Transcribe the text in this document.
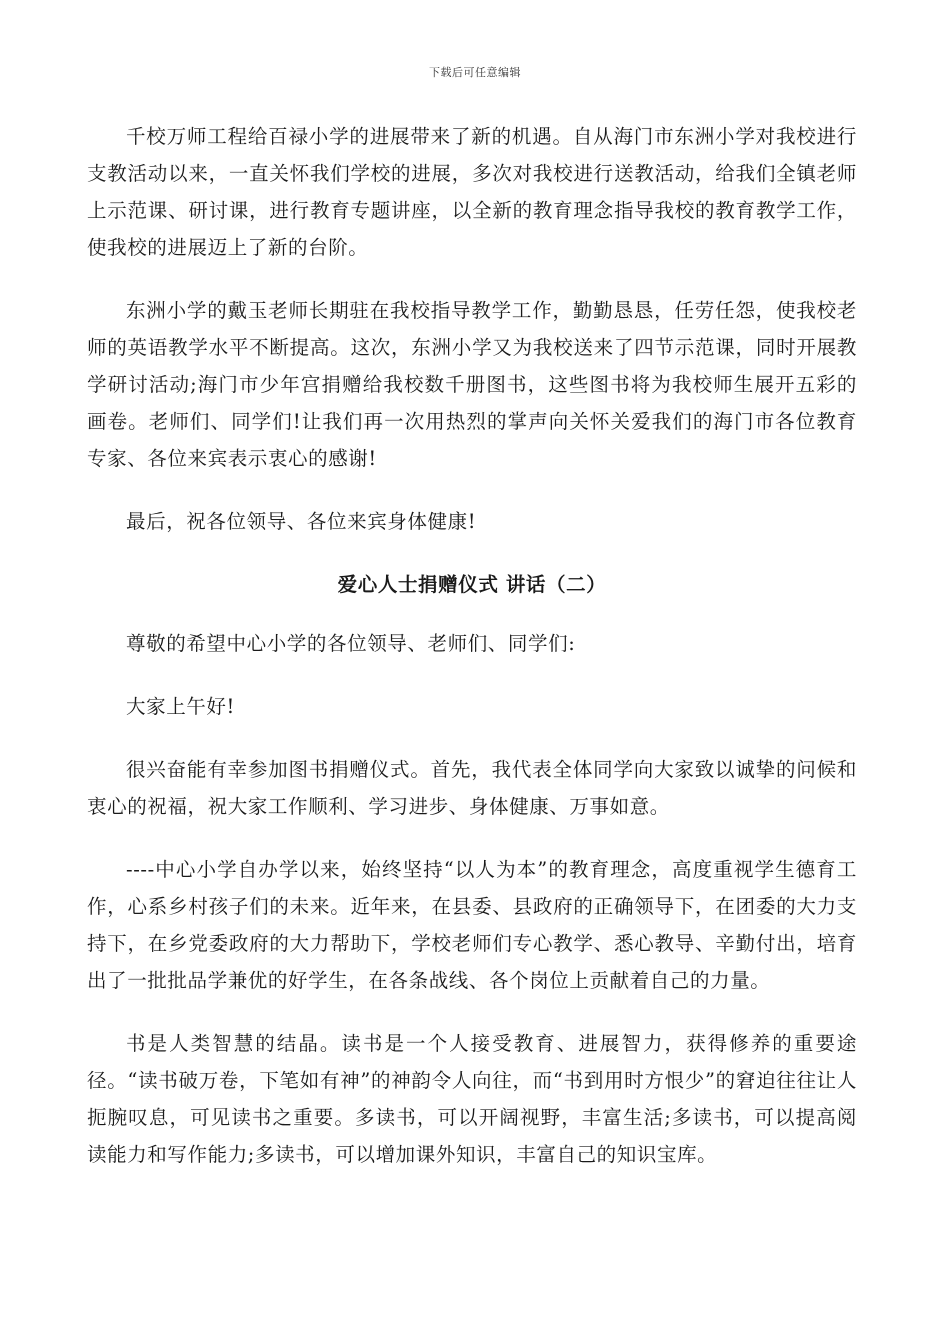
下载后可任意编辑

千校万师工程给百禄小学的进展带来了新的机遇。自从海门市东洲小学对我校进行支教活动以来，一直关怀我们学校的进展，多次对我校进行送教活动，给我们全镇老师上示范课、研讨课，进行教育专题讲座，以全新的教育理念指导我校的教育教学工作，使我校的进展迈上了新的台阶。

东洲小学的戴玉老师长期驻在我校指导教学工作，勤勤恳恳，任劳任怨，使我校老师的英语教学水平不断提高。这次，东洲小学又为我校送来了四节示范课，同时开展教学研讨活动;海门市少年宫捐赠给我校数千册图书，这些图书将为我校师生展开五彩的画卷。老师们、同学们!让我们再一次用热烈的掌声向关怀关爱我们的海门市各位教育专家、各位来宾表示衷心的感谢!

最后，祝各位领导、各位来宾身体健康!

爱心人士捐赠仪式 讲话（二）

尊敬的希望中心小学的各位领导、老师们、同学们:

大家上午好!

很兴奋能有幸参加图书捐赠仪式。首先，我代表全体同学向大家致以诚挚的问候和衷心的祝福，祝大家工作顺利、学习进步、身体健康、万事如意。

----中心小学自办学以来，始终坚持“以人为本”的教育理念，高度重视学生德育工作，心系乡村孩子们的未来。近年来，在县委、县政府的正确领导下，在团委的大力支持下，在乡党委政府的大力帮助下，学校老师们专心教学、悉心教导、辛勤付出，培育出了一批批品学兼优的好学生，在各条战线、各个岗位上贡献着自己的力量。

书是人类智慧的结晶。读书是一个人接受教育、进展智力，获得修养的重要途径。“读书破万卷，下笔如有神”的神韵令人向往，而“书到用时方恨少”的窘迫往往让人扼腕叹息，可见读书之重要。多读书，可以开阔视野，丰富生活;多读书，可以提高阅读能力和写作能力;多读书，可以增加课外知识，丰富自己的知识宝库。
